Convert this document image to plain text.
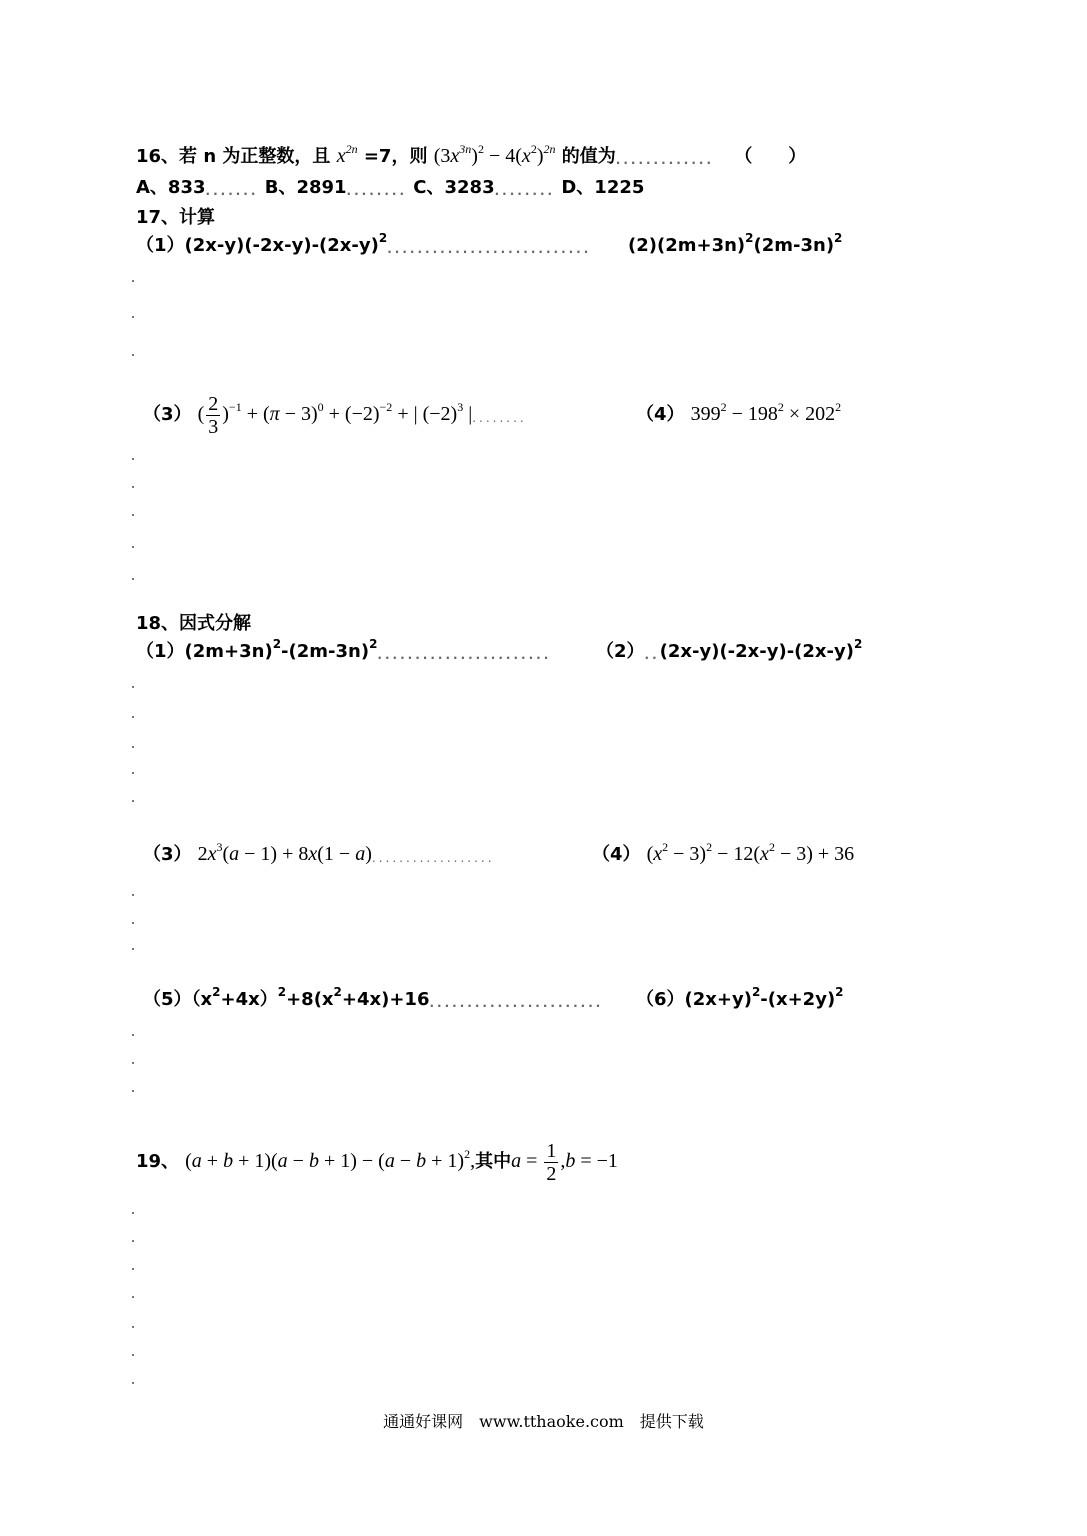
16、若 n 为正整数，且 $x^{2n} =7$，则 $(3x^{3n})^2 - 4(x^2)^{2n}$ 的值为............. （　　）
A、833....... B、2891........ C、3283........ D、1225
17、计算
$(1)(2x-y)(-2x-y)-(2x-y)^2$........................... $(2)(2m+3n)^2(2m-3n)^2$
（3） ( $\frac{2}{3} )^{-1} + (\pi - 3)^0 + (-2)^{-2}$ + | $(-2)^3$ |........	（4） $399^2 - 198^2 \times 202^2$
18、因式分解
$(1)(2m+3n)^2-(2m-3n)^2$....................... $(2)..(2x-y)(-2x-y)-(2x-y)^2$
（3） $2x^3(a - 1) + 8x(1 - a)$..................	（4） $(x^2 - 3)^2 - 12(x^2 - 3) + 36$
$(5)(x^2+4x)^2+8(x^2+4x)+16$....................... $(6)(2x+y)^2-(x+2y)^2$
19、 $(a + b + 1)(a - b + 1) - (a - b + 1)^2$,其中$a = \frac{1}{2} ,b = -1$
通通好课网　www.tthaoke.com　提供下载
